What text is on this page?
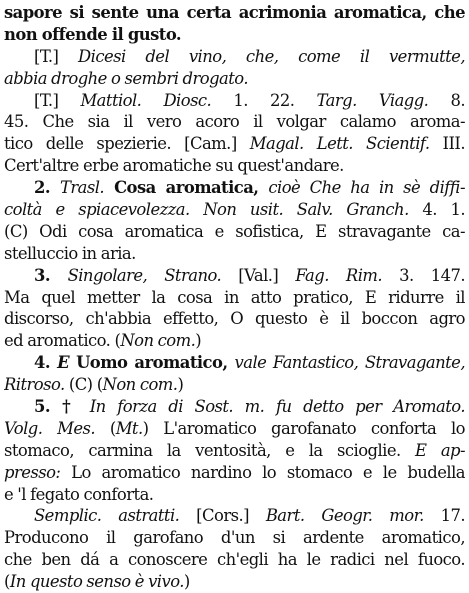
sapore si sente una certa acrimonia aromatica, che
non offende il gusto.
[T.] Dicesi del vino, che, come il vermutte,
abbia droghe o sembri drogato.
[T.] Mattiol. Diosc. 1. 22. Targ. Viagg. 8.
45. Che sia il vero acoro il volgar calamo aroma-
tico delle spezierie. [Cam.] Magal. Lett. Scientif. III.
Cert'altre erbe aromatiche su quest'andare.
2. Trasl. Cosa aromatica, cioè Che ha in sè diffi-
coltà e spiacevolezza. Non usit. Salv. Granch. 4. 1.
(C) Odi cosa aromatica e sofistica, E stravagante ca-
stelluccio in aria.
3. Singolare, Strano. [Val.] Fag. Rim. 3. 147.
Ma quel metter la cosa in atto pratico, E ridurre il
discorso, ch'abbia effetto, O questo è il boccon agro
ed aromatico. (Non com.)
4. E Uomo aromatico, vale Fantastico, Stravagante,
Ritroso. (C) (Non com.)
5. † In forza di Sost. m. fu detto per Aromato.
Volg. Mes. (Mt.) L'aromatico garofanato conforta lo
stomaco, carmina la ventosità, e la scioglie. E ap-
presso: Lo aromatico nardino lo stomaco e le budella
e 'l fegato conforta.
Semplic. astratti. [Cors.] Bart. Geogr. mor. 17.
Producono il garofano d'un si ardente aromatico,
che ben dá a conoscere ch'egli ha le radici nel fuoco.
(In questo senso è vivo.)
